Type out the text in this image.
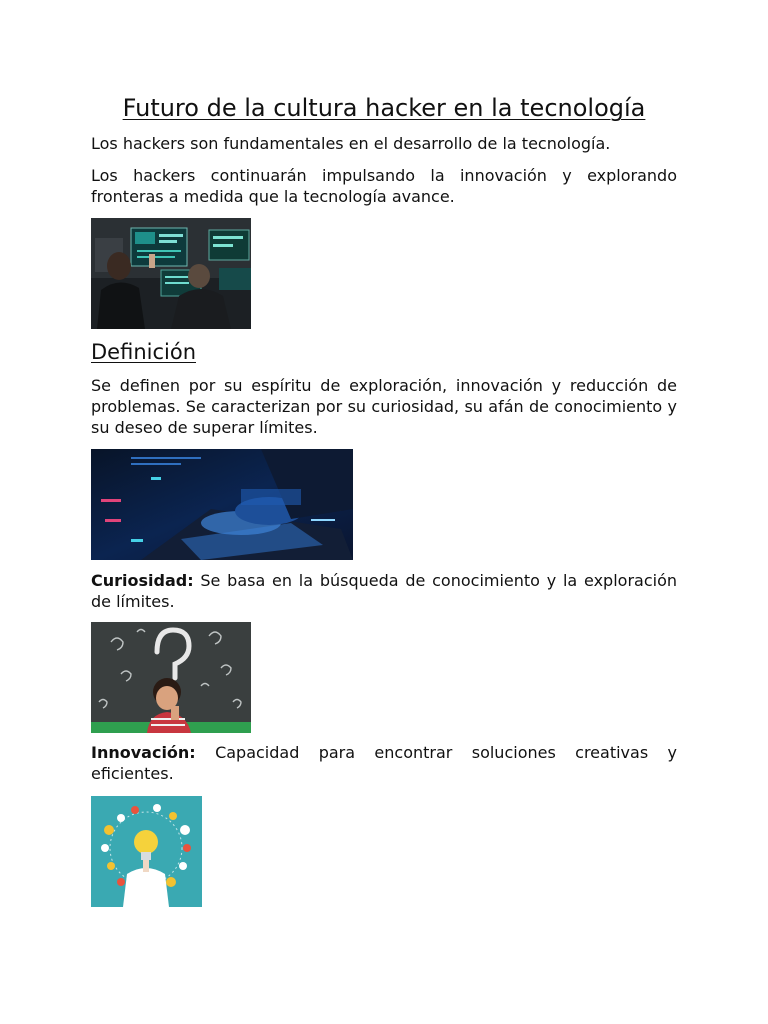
Futuro de la cultura hacker en la tecnología

Los hackers son fundamentales en el desarrollo de la tecnología.

Los hackers continuarán impulsando la innovación y explorando fronteras a medida que la tecnología avance.

Definición

Se definen por su espíritu de exploración, innovación y reducción de problemas. Se caracterizan por su curiosidad, su afán de conocimiento y su deseo de superar límites.

Curiosidad: Se basa en la búsqueda de conocimiento y la exploración de límites.

Innovación: Capacidad para encontrar soluciones creativas y eficientes.
